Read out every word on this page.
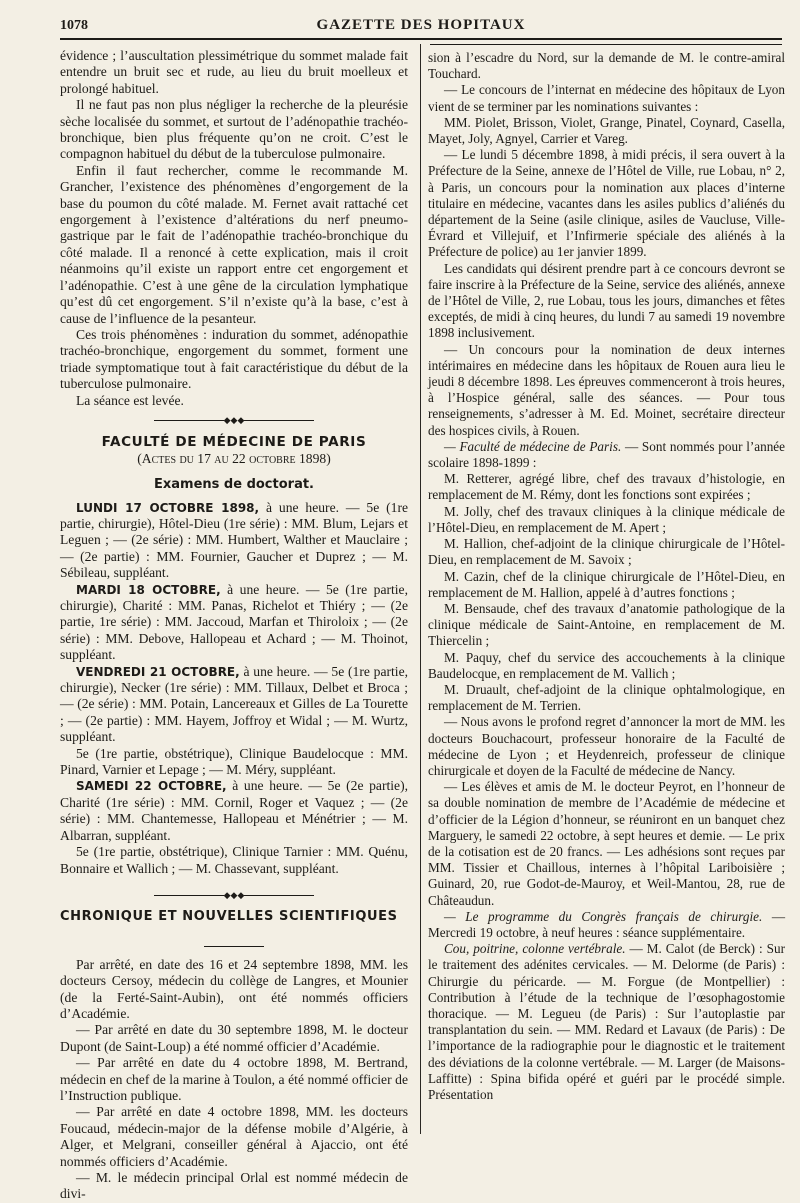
1078	GAZETTE DES HOPITAUX

évidence ; l’auscultation plessimétrique du sommet malade fait entendre un bruit sec et rude, au lieu du bruit moelleux et prolongé habituel.

Il ne faut pas non plus négliger la recherche de la pleurésie sèche localisée du sommet, et surtout de l’adénopathie trachéo-bronchique, bien plus fréquente qu’on ne croit. C’est le compagnon habituel du début de la tuberculose pulmonaire.

Enfin il faut rechercher, comme le recommande M. Grancher, l’existence des phénomènes d’engorgement de la base du poumon du côté malade. M. Fernet avait rattaché cet engorgement à l’existence d’altérations du nerf pneumo-gastrique par le fait de l’adénopathie trachéo-bronchique du côté malade. Il a renoncé à cette explication, mais il croit néanmoins qu’il existe un rapport entre cet engorgement et l’adénopathie. C’est à une gêne de la circulation lymphatique qu’est dû cet engorgement. S’il n’existe qu’à la base, c’est à cause de l’influence de la pesanteur.

Ces trois phénomènes : induration du sommet, adénopathie trachéo-bronchique, engorgement du sommet, forment une triade symptomatique tout à fait caractéristique du début de la tuberculose pulmonaire.

La séance est levée.

◆◆◆
FACULTÉ DE MÉDECINE DE PARIS
(Actes du 17 au 22 octobre 1898)
Examens de doctorat.

LUNDI 17 OCTOBRE 1898, à une heure. — 5e (1re partie, chirurgie), Hôtel-Dieu (1re série) : MM. Blum, Lejars et Leguen ; — (2e série) : MM. Humbert, Walther et Mauclaire ; — (2e partie) : MM. Fournier, Gaucher et Duprez ; — M. Sébileau, suppléant.

MARDI 18 OCTOBRE, à une heure. — 5e (1re partie, chirurgie), Charité : MM. Panas, Richelot et Thiéry ; — (2e partie, 1re série) : MM. Jaccoud, Marfan et Thiroloix ; — (2e série) : MM. Debove, Hallopeau et Achard ; — M. Thoinot, suppléant.

VENDREDI 21 OCTOBRE, à une heure. — 5e (1re partie, chirurgie), Necker (1re série) : MM. Tillaux, Delbet et Broca ; — (2e série) : MM. Potain, Lancereaux et Gilles de La Tourette ; — (2e partie) : MM. Hayem, Joffroy et Widal ; — M. Wurtz, suppléant.

5e (1re partie, obstétrique), Clinique Baudelocque : MM. Pinard, Varnier et Lepage ; — M. Méry, suppléant.

SAMEDI 22 OCTOBRE, à une heure. — 5e (2e partie), Charité (1re série) : MM. Cornil, Roger et Vaquez ; — (2e série) : MM. Chantemesse, Hallopeau et Ménétrier ; — M. Albarran, suppléant.

5e (1re partie, obstétrique), Clinique Tarnier : MM. Quénu, Bonnaire et Wallich ; — M. Chassevant, suppléant.

◆◆◆
CHRONIQUE ET NOUVELLES SCIENTIFIQUES

Par arrêté, en date des 16 et 24 septembre 1898, MM. les docteurs Cersoy, médecin du collège de Langres, et Mounier (de la Ferté-Saint-Aubin), ont été nommés officiers d’Académie.

— Par arrêté en date du 30 septembre 1898, M. le docteur Dupont (de Saint-Loup) a été nommé officier d’Académie.

— Par arrêté en date du 4 octobre 1898, M. Bertrand, médecin en chef de la marine à Toulon, a été nommé officier de l’Instruction publique.

— Par arrêté en date 4 octobre 1898, MM. les docteurs Foucaud, médecin-major de la défense mobile d’Algérie, à Alger, et Melgrani, conseiller général à Ajaccio, ont été nommés officiers d’Académie.

— M. le médecin principal Orlal est nommé médecin de divi-

sion à l’escadre du Nord, sur la demande de M. le contre-amiral Touchard.

— Le concours de l’internat en médecine des hôpitaux de Lyon vient de se terminer par les nominations suivantes :

MM. Piolet, Brisson, Violet, Grange, Pinatel, Coynard, Casella, Mayet, Joly, Agnyel, Carrier et Vareg.

— Le lundi 5 décembre 1898, à midi précis, il sera ouvert à la Préfecture de la Seine, annexe de l’Hôtel de Ville, rue Lobau, n° 2, à Paris, un concours pour la nomination aux places d’interne titulaire en médecine, vacantes dans les asiles publics d’aliénés du département de la Seine (asile clinique, asiles de Vaucluse, Ville-Évrard et Villejuif, et l’Infirmerie spéciale des aliénés à la Préfecture de police) au 1er janvier 1899.

Les candidats qui désirent prendre part à ce concours devront se faire inscrire à la Préfecture de la Seine, service des aliénés, annexe de l’Hôtel de Ville, 2, rue Lobau, tous les jours, dimanches et fêtes exceptés, de midi à cinq heures, du lundi 7 au samedi 19 novembre 1898 inclusivement.

— Un concours pour la nomination de deux internes intérimaires en médecine dans les hôpitaux de Rouen aura lieu le jeudi 8 décembre 1898. Les épreuves commenceront à trois heures, à l’Hospice général, salle des séances. — Pour tous renseignements, s’adresser à M. Ed. Moinet, secrétaire directeur des hospices civils, à Rouen.

— Faculté de médecine de Paris. — Sont nommés pour l’année scolaire 1898-1899 :

M. Retterer, agrégé libre, chef des travaux d’histologie, en remplacement de M. Rémy, dont les fonctions sont expirées ;

M. Jolly, chef des travaux cliniques à la clinique médicale de l’Hôtel-Dieu, en remplacement de M. Apert ;

M. Hallion, chef-adjoint de la clinique chirurgicale de l’Hôtel-Dieu, en remplacement de M. Savoix ;

M. Cazin, chef de la clinique chirurgicale de l’Hôtel-Dieu, en remplacement de M. Hallion, appelé à d’autres fonctions ;

M. Bensaude, chef des travaux d’anatomie pathologique de la clinique médicale de Saint-Antoine, en remplacement de M. Thiercelin ;

M. Paquy, chef du service des accouchements à la clinique Baudelocque, en remplacement de M. Vallich ;

M. Druault, chef-adjoint de la clinique ophtalmologique, en remplacement de M. Terrien.

— Nous avons le profond regret d’annoncer la mort de MM. les docteurs Bouchacourt, professeur honoraire de la Faculté de médecine de Lyon ; et Heydenreich, professeur de clinique chirurgicale et doyen de la Faculté de médecine de Nancy.

— Les élèves et amis de M. le docteur Peyrot, en l’honneur de sa double nomination de membre de l’Académie de médecine et d’officier de la Légion d’honneur, se réuniront en un banquet chez Marguery, le samedi 22 octobre, à sept heures et demie. — Le prix de la cotisation est de 20 francs. — Les adhésions sont reçues par MM. Tissier et Chaillous, internes à l’hôpital Lariboisière ; Guinard, 20, rue Godot-de-Mauroy, et Weil-Mantou, 28, rue de Châteaudun.

— Le programme du Congrès français de chirurgie. — Mercredi 19 octobre, à neuf heures : séance supplémentaire.

Cou, poitrine, colonne vertébrale. — M. Calot (de Berck) : Sur le traitement des adénites cervicales. — M. Delorme (de Paris) : Chirurgie du péricarde. — M. Forgue (de Montpellier) : Contribution à l’étude de la technique de l’œsophagostomie thoracique. — M. Legueu (de Paris) : Sur l’autoplastie par transplantation du sein. — MM. Redard et Lavaux (de Paris) : De l’importance de la radiographie pour le diagnostic et le traitement des déviations de la colonne vertébrale. — M. Larger (de Maisons-Laffitte) : Spina bifida opéré et guéri par le procédé simple. Présentation
